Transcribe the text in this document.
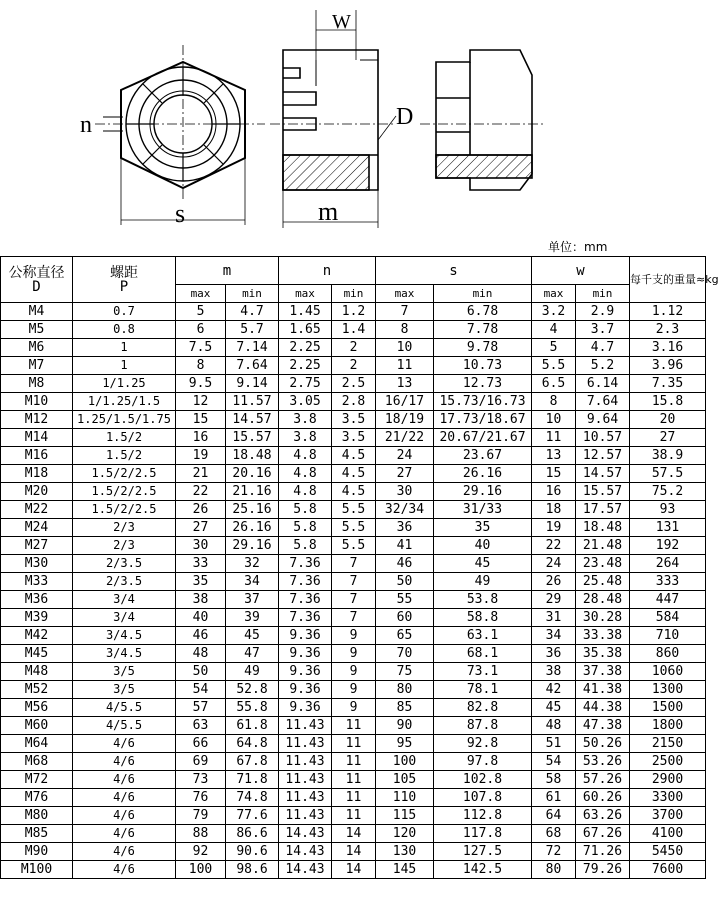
n
s
W
D
m
单位：mm
公称直径
D	螺距
P	m		n		s		w		每千支的重量≈kg
		max	min	max	min	max	min	max	min	
M4	0.7	5	4.7	1.45	1.2	7	6.78	3.2	2.9	1.12
M5	0.8	6	5.7	1.65	1.4	8	7.78	4	3.7	2.3
M6	1	7.5	7.14	2.25	2	10	9.78	5	4.7	3.16
M7	1	8	7.64	2.25	2	11	10.73	5.5	5.2	3.96
M8	1/1.25	9.5	9.14	2.75	2.5	13	12.73	6.5	6.14	7.35
M10	1/1.25/1.5	12	11.57	3.05	2.8	16/17	15.73/16.73	8	7.64	15.8
M12	1.25/1.5/1.75	15	14.57	3.8	3.5	18/19	17.73/18.67	10	9.64	20
M14	1.5/2	16	15.57	3.8	3.5	21/22	20.67/21.67	11	10.57	27
M16	1.5/2	19	18.48	4.8	4.5	24	23.67	13	12.57	38.9
M18	1.5/2/2.5	21	20.16	4.8	4.5	27	26.16	15	14.57	57.5
M20	1.5/2/2.5	22	21.16	4.8	4.5	30	29.16	16	15.57	75.2
M22	1.5/2/2.5	26	25.16	5.8	5.5	32/34	31/33	18	17.57	93
M24	2/3	27	26.16	5.8	5.5	36	35	19	18.48	131
M27	2/3	30	29.16	5.8	5.5	41	40	22	21.48	192
M30	2/3.5	33	32	7.36	7	46	45	24	23.48	264
M33	2/3.5	35	34	7.36	7	50	49	26	25.48	333
M36	3/4	38	37	7.36	7	55	53.8	29	28.48	447
M39	3/4	40	39	7.36	7	60	58.8	31	30.28	584
M42	3/4.5	46	45	9.36	9	65	63.1	34	33.38	710
M45	3/4.5	48	47	9.36	9	70	68.1	36	35.38	860
M48	3/5	50	49	9.36	9	75	73.1	38	37.38	1060
M52	3/5	54	52.8	9.36	9	80	78.1	42	41.38	1300
M56	4/5.5	57	55.8	9.36	9	85	82.8	45	44.38	1500
M60	4/5.5	63	61.8	11.43	11	90	87.8	48	47.38	1800
M64	4/6	66	64.8	11.43	11	95	92.8	51	50.26	2150
M68	4/6	69	67.8	11.43	11	100	97.8	54	53.26	2500
M72	4/6	73	71.8	11.43	11	105	102.8	58	57.26	2900
M76	4/6	76	74.8	11.43	11	110	107.8	61	60.26	3300
M80	4/6	79	77.6	11.43	11	115	112.8	64	63.26	3700
M85	4/6	88	86.6	14.43	14	120	117.8	68	67.26	4100
M90	4/6	92	90.6	14.43	14	130	127.5	72	71.26	5450
M100	4/6	100	98.6	14.43	14	145	142.5	80	79.26	7600
